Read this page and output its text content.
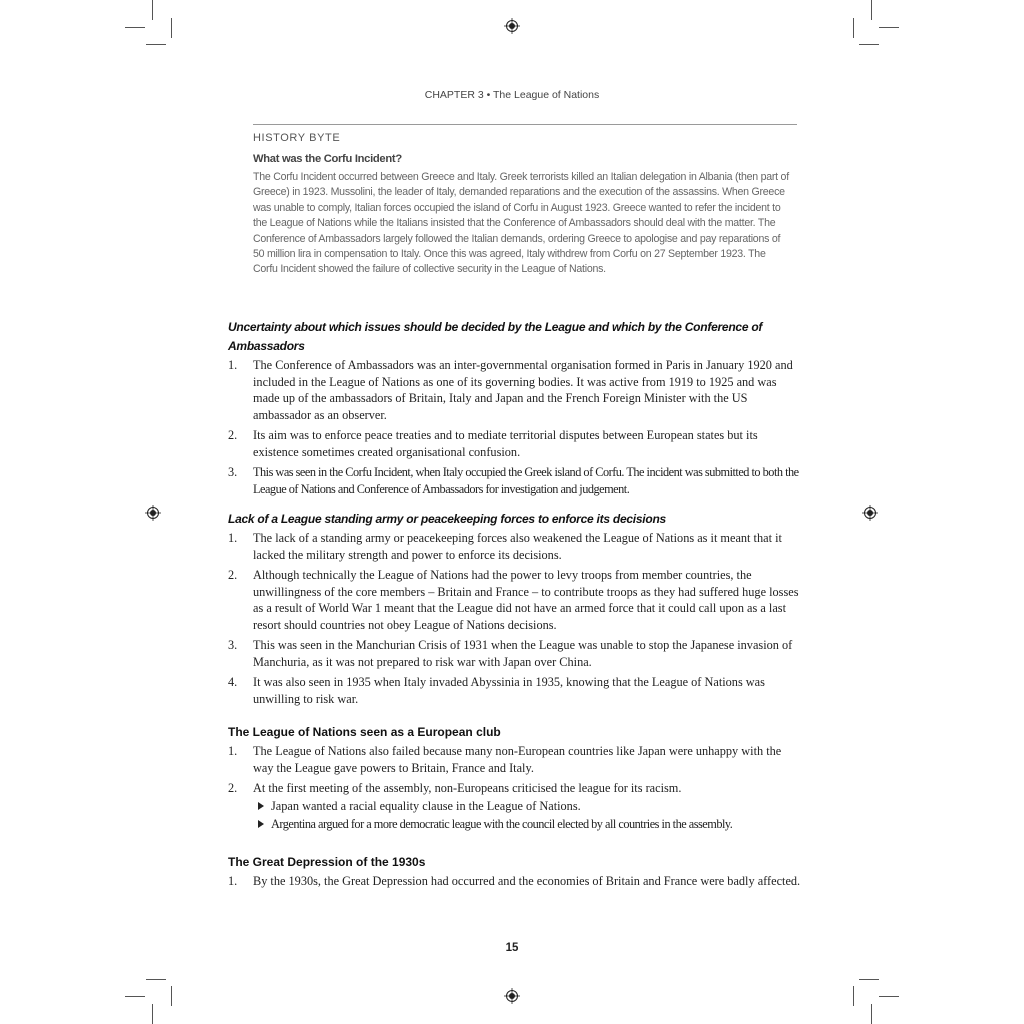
CHAPTER 3 • The League of Nations
HISTORY BYTE
What was the Corfu Incident?

The Corfu Incident occurred between Greece and Italy. Greek terrorists killed an Italian delegation in Albania (then part of Greece) in 1923. Mussolini, the leader of Italy, demanded reparations and the execution of the assassins. When Greece was unable to comply, Italian forces occupied the island of Corfu in August 1923. Greece wanted to refer the incident to the League of Nations while the Italians insisted that the Conference of Ambassadors should deal with the matter. The Conference of Ambassadors largely followed the Italian demands, ordering Greece to apologise and pay reparations of 50 million lira in compensation to Italy. Once this was agreed, Italy withdrew from Corfu on 27 September 1923. The Corfu Incident showed the failure of collective security in the League of Nations.

Uncertainty about which issues should be decided by the League and which by the Conference of Ambassadors

1. The Conference of Ambassadors was an inter-governmental organisation formed in Paris in January 1920 and included in the League of Nations as one of its governing bodies. It was active from 1919 to 1925 and was made up of the ambassadors of Britain, Italy and Japan and the French Foreign Minister with the US ambassador as an observer.
2. Its aim was to enforce peace treaties and to mediate territorial disputes between European states but its existence sometimes created organisational confusion.
3. This was seen in the Corfu Incident, when Italy occupied the Greek island of Corfu. The incident was submitted to both the League of Nations and Conference of Ambassadors for investigation and judgement.

Lack of a League standing army or peacekeeping forces to enforce its decisions

1. The lack of a standing army or peacekeeping forces also weakened the League of Nations as it meant that it lacked the military strength and power to enforce its decisions.
2. Although technically the League of Nations had the power to levy troops from member countries, the unwillingness of the core members – Britain and France – to contribute troops as they had suffered huge losses as a result of World War 1 meant that the League did not have an armed force that it could call upon as a last resort should countries not obey League of Nations decisions.
3. This was seen in the Manchurian Crisis of 1931 when the League was unable to stop the Japanese invasion of Manchuria, as it was not prepared to risk war with Japan over China.
4. It was also seen in 1935 when Italy invaded Abyssinia in 1935, knowing that the League of Nations was unwilling to risk war.

The League of Nations seen as a European club

1. The League of Nations also failed because many non-European countries like Japan were unhappy with the way the League gave powers to Britain, France and Italy.
2. At the first meeting of the assembly, non-Europeans criticised the league for its racism.
Japan wanted a racial equality clause in the League of Nations.
Argentina argued for a more democratic league with the council elected by all countries in the assembly.

The Great Depression of the 1930s

1. By the 1930s, the Great Depression had occurred and the economies of Britain and France were badly affected.
15
